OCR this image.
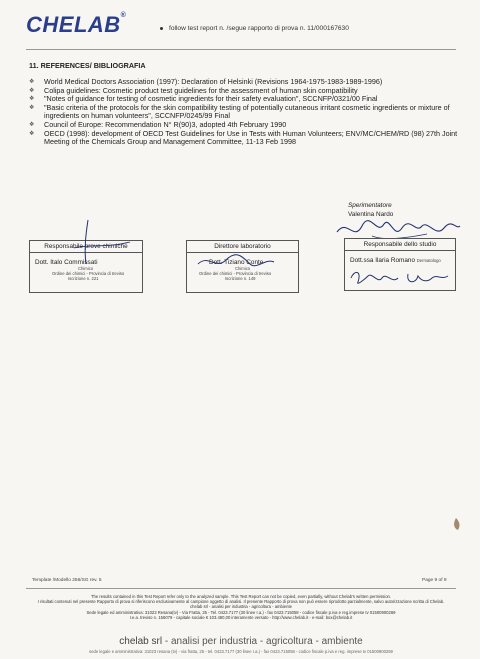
CHELAB®
follow test report n. /segue rapporto di prova n. 11/000167630
11. REFERENCES/ BIBLIOGRAFIA
❖ World Medical Doctors Association (1997): Declaration of Helsinki (Revisions 1964-1975-1983-1989-1996)
❖ Colipa guidelines: Cosmetic product test guidelines for the assessment of human skin compatibility
❖ "Notes of guidance for testing of cosmetic ingredients for their safety evaluation", SCCNFP/0321/00 Final
❖ "Basic criteria of the protocols for the skin compatibility testing of potentially cutaneous irritant cosmetic ingredients or mixture of ingredients on human volunteers", SCCNFP/0245/99 Final
❖ Council of Europe: Recommendation N° R(90)3, adopted 4th February 1990
❖ OECD (1998): development of OECD Test Guidelines for Use in Tests with Human Volunteers; ENV/MC/CHEM/RD (98) 27th Joint Meeting of the Chemicals Group and Management Committee, 11-13 Feb 1998
Sperimentatore
Valentina Nardo
Responsabile prove chimiche
Dott. Italo Commissati
Chimico
Ordine dei chimici - Provincia di treviso
Iscrizione n. 221
Direttore laboratorio
Dott. Tiziano Conte
Chimico
Ordine dei chimici - Provincia di treviso
Iscrizione n. 149
Responsabile dello studio
Dott.ssa Ilaria Romano Dermatologo
Template /Modello 256/SG rev. 5	Page 9 of 9
The results contained in this Test Report refer only to the analyzed sample. This Test Report can not be copied, even partially, without Chelab's written permission.
I risultati contenuti nel presente Rapporto di prova si riferiscono esclusivamente al campione oggetto di analisi. Il presente Rapporto di prova non può essere riprodotto parzialmente, salvo autorizzazione scritta di Chelab.
chelab srl - analisi per industria - agricoltura - ambiente
Sede legale ed amministrativa: 31023 Resana(tv) - Via Fratta, 25 - Tel. 0423.7177 (30 linee r.a.) - fax 0423.715058 - codice fiscale p.iva e reg.imprese tv 01500900269
r.e.a. treviso n. 156079 - capitale sociale € 103.480,00 interamente versato - http://www.chelab.it - e-mail: box@chelab.it
chelab srl - analisi per industria - agricoltura - ambiente
sede legale e amministrativa: 31023 resana (tv) - via fratta, 25 - tel. 0423.7177 (30 linee r.a.) - fax 0423.715058 - codice fiscale p.iva e reg. imprese tv 01500900269
